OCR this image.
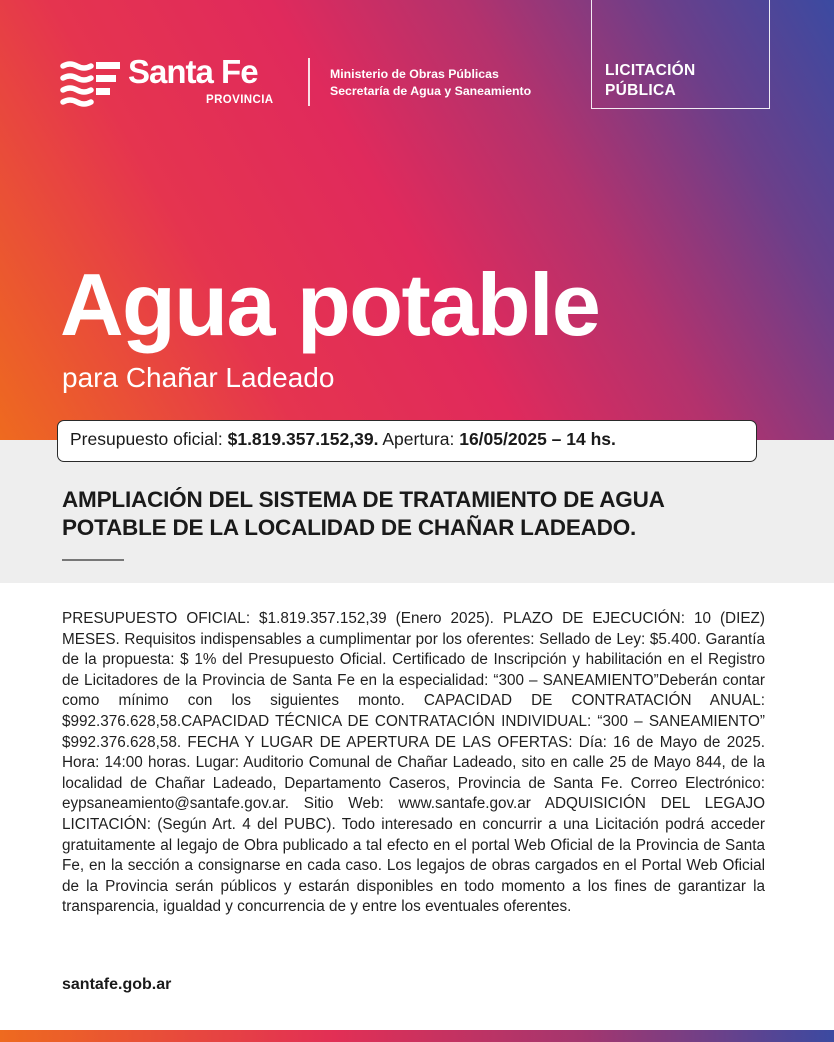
Santa Fe
PROVINCIA
Ministerio de Obras Públicas
Secretaría de Agua y Saneamiento
LICITACIÓN
PÚBLICA
Agua potable
para Chañar Ladeado
Presupuesto oficial: $1.819.357.152,39. Apertura: 16/05/2025 – 14 hs.
AMPLIACIÓN DEL SISTEMA DE TRATAMIENTO DE AGUA
POTABLE DE LA LOCALIDAD DE CHAÑAR LADEADO.

PRESUPUESTO OFICIAL: $1.819.357.152,39 (Enero 2025). PLAZO DE EJECUCIÓN: 10 (DIEZ) MESES. Requisitos indispensables a cumplimentar por los oferentes: Sellado de Ley: $5.400. Garantía de la propuesta: $ 1% del Presupuesto Oficial. Certificado de Inscripción y habilitación en el Registro de Licitadores de la Provincia de Santa Fe en la especialidad: “300 – SANEAMIENTO”Deberán contar como mínimo con los siguientes monto. CAPACIDAD DE CONTRATACIÓN ANUAL: $992.376.628,58.CAPACIDAD TÉCNICA DE CONTRATACIÓN INDIVIDUAL: “300 – SANEAMIENTO” $992.376.628,58. FECHA Y LUGAR DE APERTURA DE LAS OFERTAS: Día: 16 de Mayo de 2025. Hora: 14:00 horas. Lugar: Auditorio Comunal de Chañar Ladeado, sito en calle 25 de Mayo 844, de la localidad de Chañar Ladeado, Departamento Caseros, Provincia de Santa Fe. Correo Electrónico: eypsaneamiento@santafe.gov.ar. Sitio Web: www.santafe.gov.ar ADQUISICIÓN DEL LEGAJO LICITACIÓN: (Según Art. 4 del PUBC). Todo interesado en concurrir a una Licitación podrá acceder gratuitamente al legajo de Obra publicado a tal efecto en el portal Web Oficial de la Provincia de Santa Fe, en la sección a consignarse en cada caso. Los legajos de obras cargados en el Portal Web Oficial de la Provincia serán públicos y estarán disponibles en todo momento a los fines de garantizar la transparencia, igualdad y concurrencia de y entre los eventuales oferentes.

santafe.gob.ar
